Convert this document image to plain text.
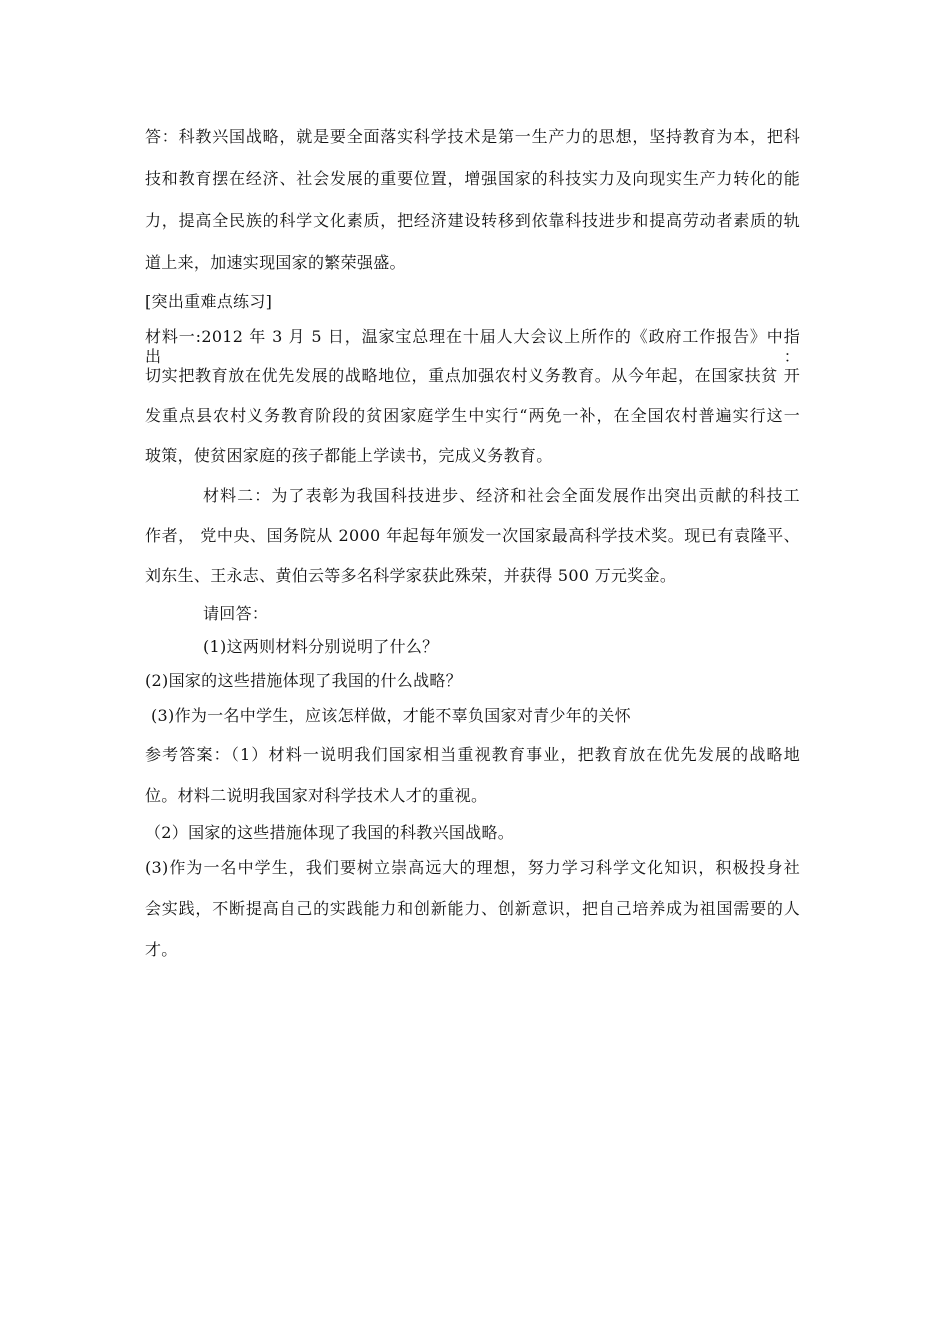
答：科教兴国战略，就是要全面落实科学技术是第一生产力的思想，坚持教育为本，把科
技和教育摆在经济、社会发展的重要位置，增强国家的科技实力及向现实生产力转化的能
力，提高全民族的科学文化素质，把经济建设转移到依靠科技进步和提高劳动者素质的轨
道上来，加速实现国家的繁荣强盛。
[突出重难点练习]
材料一:2012 年 3 月 5 日，温家宝总理在十届人大会议上所作的《政府工作报告》中指出：
切实把教育放在优先发展的战略地位，重点加强农村义务教育。从今年起，在国家扶贫 开
发重点县农村义务教育阶段的贫困家庭学生中实行“两免一补，在全国农村普遍实行这一
玻策，使贫困家庭的孩子都能上学读书，完成义务教育。
材料二：为了表彰为我国科技进步、经济和社会全面发展作出突出贡献的科技工
作者， 党中央、国务院从 2000 年起每年颁发一次国家最高科学技术奖。现已有袁隆平、
刘东生、王永志、黄伯云等多名科学家获此殊荣，并获得 500 万元奖金。
请回答：
(1)这两则材料分别说明了什么？
(2)国家的这些措施体现了我国的什么战略？
(3)作为一名中学生，应该怎样做，才能不辜负国家对青少年的关怀
参考答案：（1）材料一说明我们国家相当重视教育事业，把教育放在优先发展的战略地
位。材料二说明我国家对科学技术人才的重视。
（2）国家的这些措施体现了我国的科教兴国战略。
(3)作为一名中学生，我们要树立崇高远大的理想，努力学习科学文化知识，积极投身社
会实践，不断提高自己的实践能力和创新能力、创新意识，把自己培养成为祖国需要的人
才。
